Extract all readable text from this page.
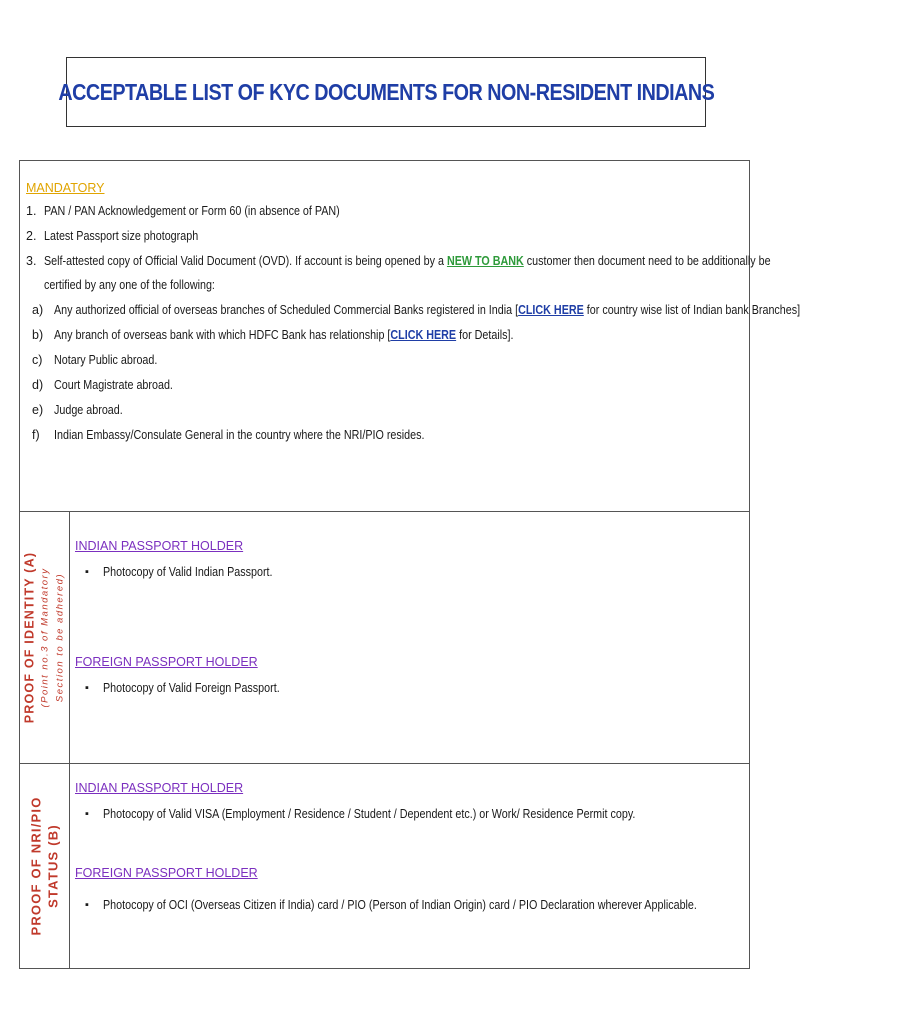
ACCEPTABLE LIST OF KYC DOCUMENTS FOR NON-RESIDENT INDIANS
MANDATORY
1. PAN / PAN Acknowledgement or Form 60 (in absence of PAN)
2. Latest Passport size photograph
3. Self-attested copy of Official Valid Document (OVD). If account is being opened by a NEW TO BANK customer then document need to be additionally be
certified by any one of the following:
a) Any authorized official of overseas branches of Scheduled Commercial Banks registered in India [CLICK HERE for country wise list of Indian bank Branches]
b) Any branch of overseas bank with which HDFC Bank has relationship [CLICK HERE for Details].
c) Notary Public abroad.
d) Court Magistrate abroad.
e) Judge abroad.
f) Indian Embassy/Consulate General in the country where the NRI/PIO resides.
PROOF OF IDENTITY (A) (Point no.3 of Mandatory Section to be adhered)
INDIAN PASSPORT HOLDER
▪ Photocopy of Valid Indian Passport.
FOREIGN PASSPORT HOLDER
▪ Photocopy of Valid Foreign Passport.
PROOF OF NRI/PIO STATUS (B)
INDIAN PASSPORT HOLDER
▪ Photocopy of Valid VISA (Employment / Residence / Student / Dependent etc.) or Work/ Residence Permit copy.
FOREIGN PASSPORT HOLDER
▪ Photocopy of OCI (Overseas Citizen if India) card / PIO (Person of Indian Origin) card / PIO Declaration wherever Applicable.
